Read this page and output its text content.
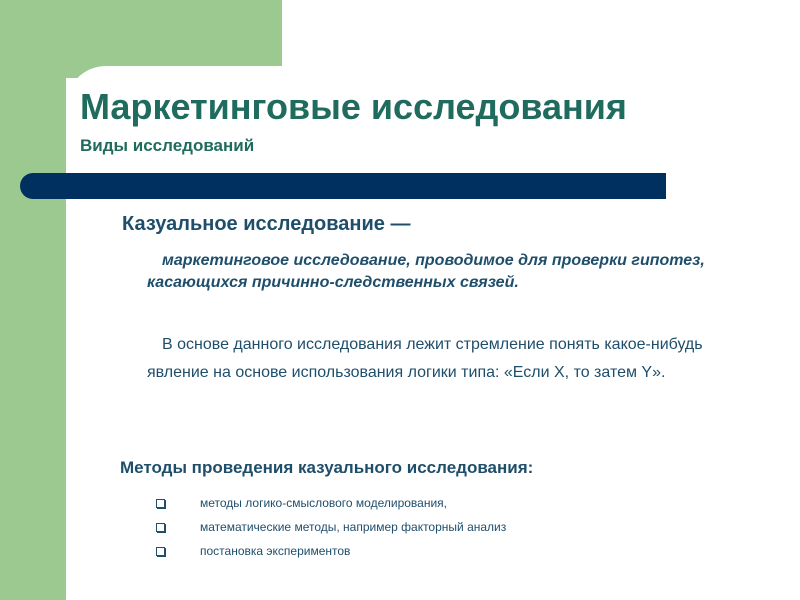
Маркетинговые исследования
Виды исследований
Казуальное исследование —

маркетинговое исследование, проводимое для проверки гипотез, касающихся причинно-следственных связей.

В основе данного исследования лежит стремление понять какое-нибудь явление на основе использования логики типа: «Если X, то затем Y».

Методы проведения казуального исследования:
методы логико-смыслового моделирования,
математические методы, например факторный анализ
постановка экспериментов
